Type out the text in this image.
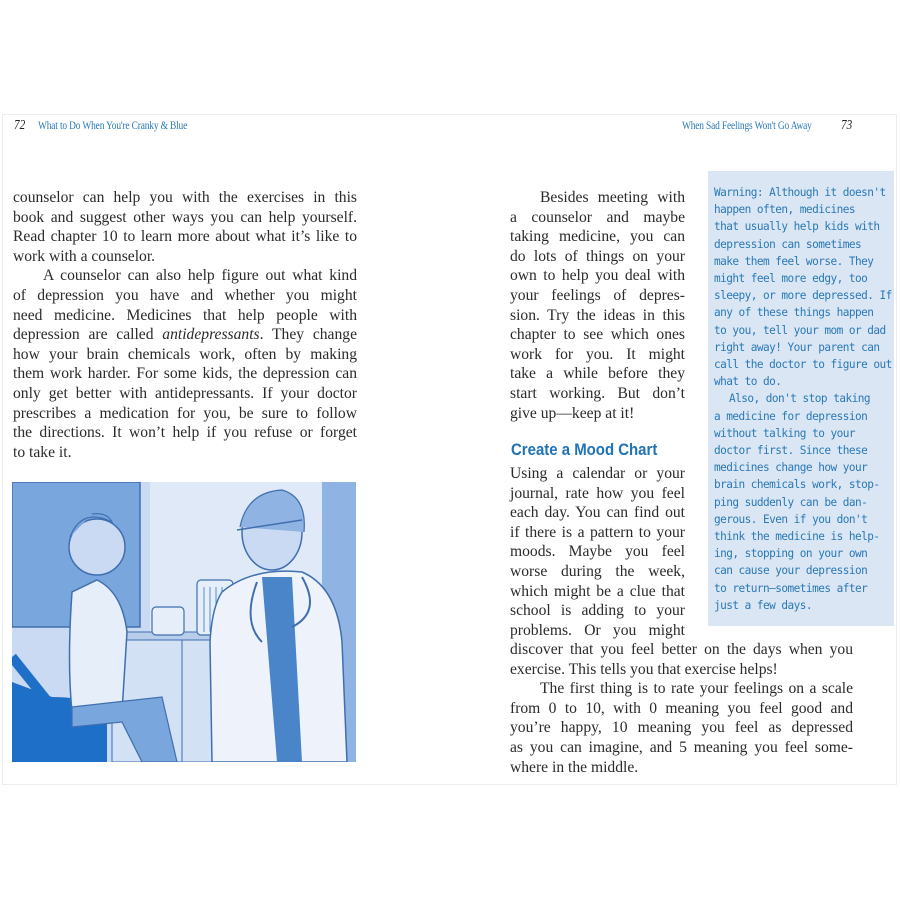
72 What to Do When You're Cranky & Blue	When Sad Feelings Won't Go Away 73
counselor can help you with the exercises in this
book and suggest other ways you can help yourself.
Read chapter 10 to learn more about what it’s like to
work with a counselor.
A counselor can also help figure out what kind
of depression you have and whether you might
need medicine. Medicines that help people with
depression are called antidepressants. They change
how your brain chemicals work, often by making
them work harder. For some kids, the depression can
only get better with antidepressants. If your doctor
prescribes a medication for you, be sure to follow
the directions. It won’t help if you refuse or forget
to take it.
Besides meeting with
a counselor and maybe
taking medicine, you can
do lots of things on your
own to help you deal with
your feelings of depres-
sion. Try the ideas in this
chapter to see which ones
work for you. It might
take a while before they
start working. But don’t
give up—keep at it!
Create a Mood Chart
Using a calendar or your
journal, rate how you feel
each day. You can find out
if there is a pattern to your
moods. Maybe you feel
worse during the week,
which might be a clue that
school is adding to your
problems. Or you might
discover that you feel better on the days when you
exercise. This tells you that exercise helps!
The first thing is to rate your feelings on a scale
from 0 to 10, with 0 meaning you feel good and
you’re happy, 10 meaning you feel as depressed
as you can imagine, and 5 meaning you feel some-
where in the middle.
Warning: Although it doesn't
happen often, medicines
that usually help kids with
depression can sometimes
make them feel worse. They
might feel more edgy, too
sleepy, or more depressed. If
any of these things happen
to you, tell your mom or dad
right away! Your parent can
call the doctor to figure out
what to do.
Also, don't stop taking
a medicine for depression
without talking to your
doctor first. Since these
medicines change how your
brain chemicals work, stop-
ping suddenly can be dan-
gerous. Even if you don't
think the medicine is help-
ing, stopping on your own
can cause your depression
to return—sometimes after
just a few days.
